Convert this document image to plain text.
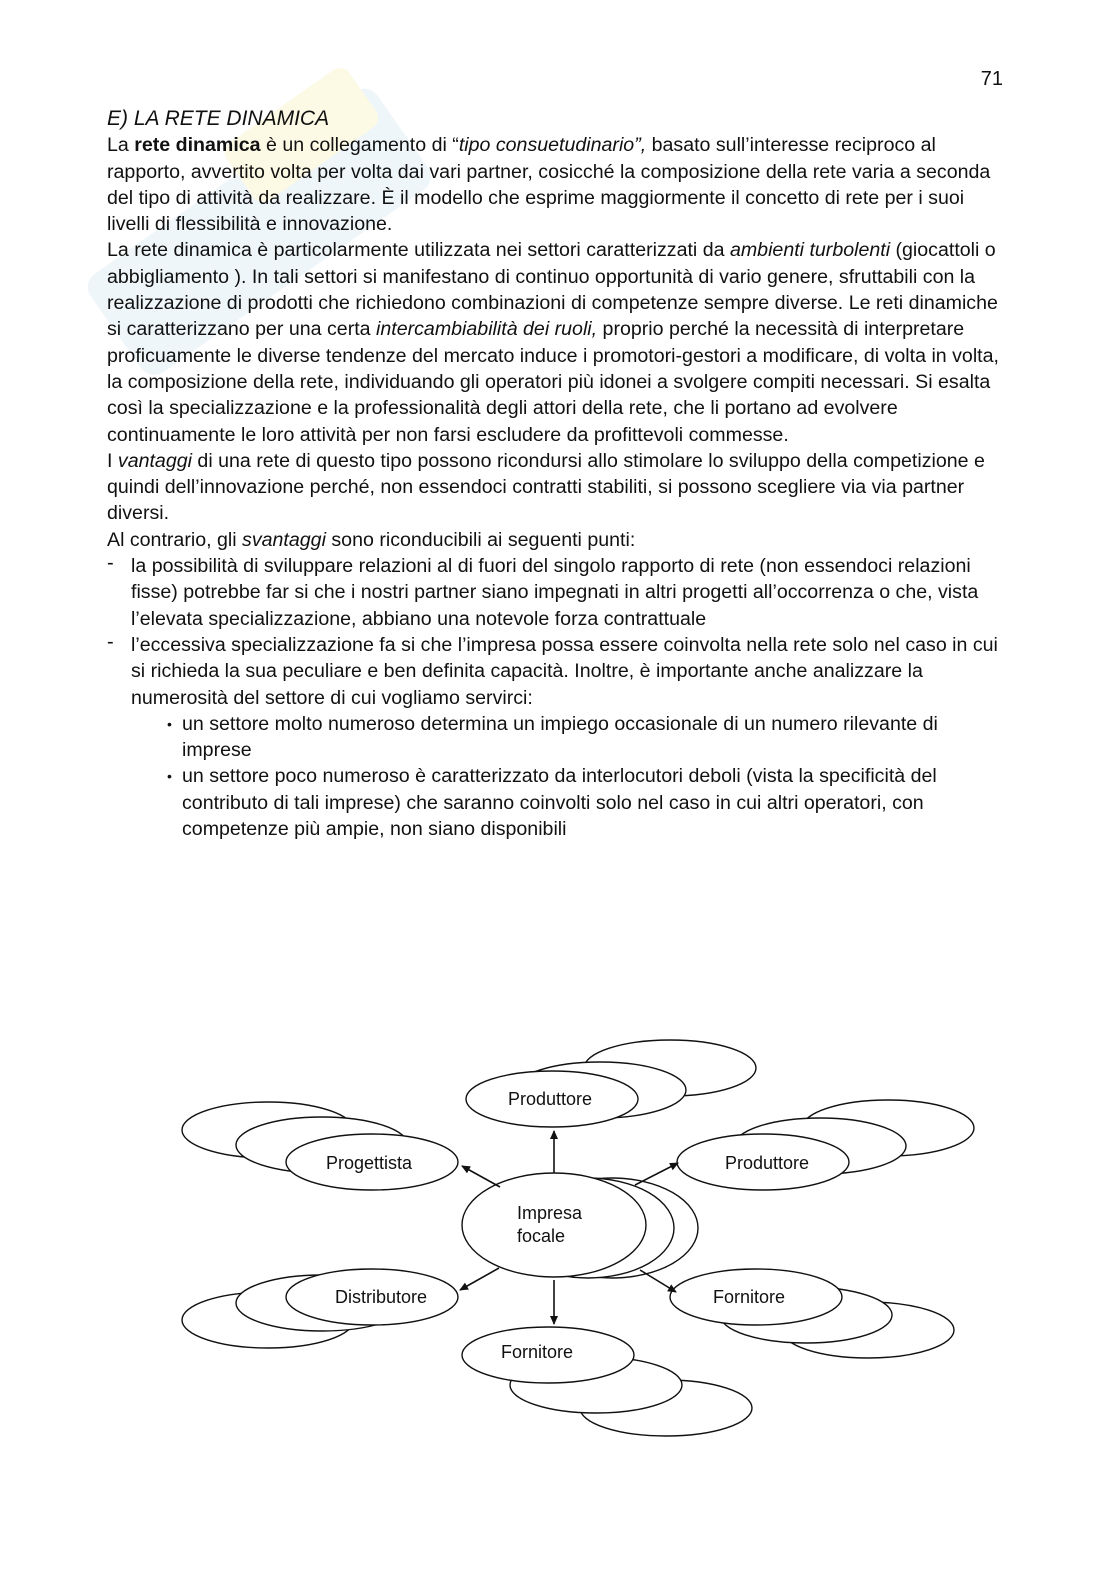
71

E) LA RETE DINAMICA

La rete dinamica è un collegamento di “tipo consuetudinario”, basato sull’interesse reciproco al rapporto, avvertito volta per volta dai vari partner, cosicché la composizione della rete varia a seconda del tipo di attività da realizzare. È il modello che esprime maggiormente il concetto di rete per i suoi livelli di flessibilità e innovazione.

La rete dinamica è particolarmente utilizzata nei settori caratterizzati da ambienti turbolenti (giocattoli o abbigliamento ). In tali settori si manifestano di continuo opportunità di vario genere, sfruttabili con la realizzazione di prodotti che richiedono combinazioni di competenze sempre diverse. Le reti dinamiche si caratterizzano per una certa intercambiabilità dei ruoli, proprio perché la necessità di interpretare proficuamente le diverse tendenze del mercato induce i promotori-gestori a modificare, di volta in volta, la composizione della rete, individuando gli operatori più idonei a svolgere compiti necessari. Si esalta così la specializzazione e la professionalità degli attori della rete, che li portano ad evolvere continuamente le loro attività per non farsi escludere da profittevoli commesse.

I vantaggi di una rete di questo tipo possono ricondursi allo stimolare lo sviluppo della competizione e quindi dell’innovazione perché, non essendoci contratti stabiliti, si possono scegliere via via partner diversi.

Al contrario, gli svantaggi sono riconducibili ai seguenti punti:

- la possibilità di sviluppare relazioni al di fuori del singolo rapporto di rete (non essendoci relazioni fisse) potrebbe far si che i nostri partner siano impegnati in altri progetti all’occorrenza o che, vista l’elevata specializzazione, abbiano una notevole forza contrattuale
- l’eccessiva specializzazione fa si che l’impresa possa essere coinvolta nella rete solo nel caso in cui si richieda la sua peculiare e ben definita capacità. Inoltre, è importante anche analizzare la numerosità del settore di cui vogliamo servirci:
• un settore molto numeroso determina un impiego occasionale di un numero rilevante di imprese
• un settore poco numeroso è caratterizzato da interlocutori deboli (vista la specificità del contributo di tali imprese) che saranno coinvolti solo nel caso in cui altri operatori, con competenze più ampie, non siano disponibili
Produttore
Progettista	Produttore
Distributore	Fornitore
Fornitore
Impresa
focale
